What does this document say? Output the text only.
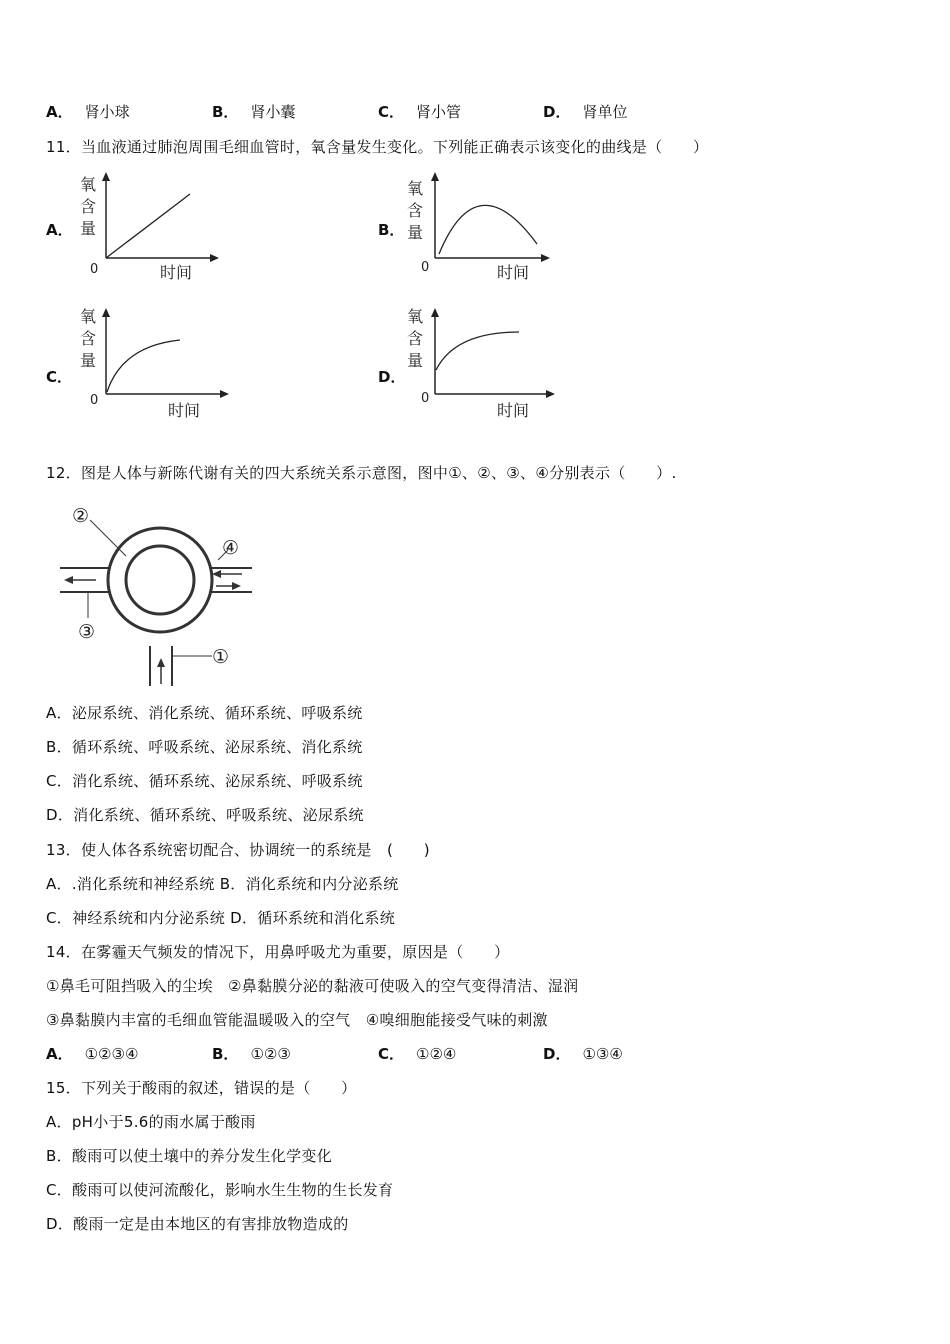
A． 肾小球	B． 肾小囊	C． 肾小管	D． 肾单位
11．当血液通过肺泡周围毛细血管时，氧含量发生变化。下列能正确表示该变化的曲线是（　　）
A．	B．
C．	D．
氧
含
量
0	时间
氧
含
量
0	时间
氧
含
量
0
时间
氧
含
量
0
时间
12．图是人体与新陈代谢有关的四大系统关系示意图，图中①、②、③、④分别表示（　　）.
②
④
③
①
A．泌尿系统、消化系统、循环系统、呼吸系统
B．循环系统、呼吸系统、泌尿系统、消化系统
C．消化系统、循环系统、泌尿系统、呼吸系统
D．消化系统、循环系统、呼吸系统、泌尿系统
13．使人体各系统密切配合、协调统一的系统是　(　　)
A．.消化系统和神经系统 B．消化系统和内分泌系统
C．神经系统和内分泌系统 D．循环系统和消化系统
14．在雾霾天气频发的情况下，用鼻呼吸尤为重要，原因是（　　）
①鼻毛可阻挡吸入的尘埃　②鼻黏膜分泌的黏液可使吸入的空气变得清洁、湿润
③鼻黏膜内丰富的毛细血管能温暖吸入的空气　④嗅细胞能接受气味的刺激
A． ①②③④	B． ①②③	C． ①②④	D． ①③④
15．下列关于酸雨的叙述，错误的是（　　）
A．pH小于5.6的雨水属于酸雨
B．酸雨可以使土壤中的养分发生化学变化
C．酸雨可以使河流酸化，影响水生生物的生长发育
D．酸雨一定是由本地区的有害排放物造成的
